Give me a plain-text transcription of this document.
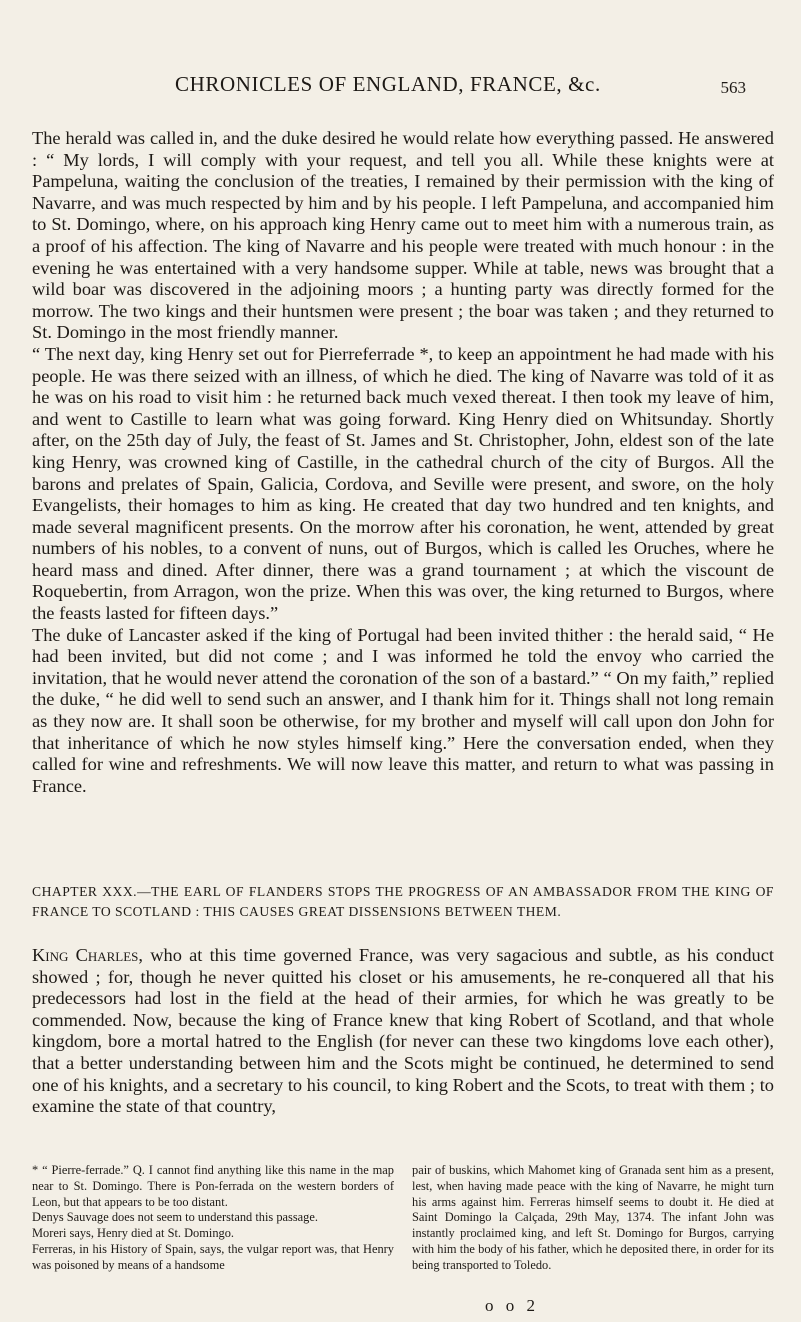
CHRONICLES OF ENGLAND, FRANCE, &c.	563

The herald was called in, and the duke desired he would relate how everything passed. He answered : “ My lords, I will comply with your request, and tell you all. While these knights were at Pampeluna, waiting the conclusion of the treaties, I remained by their permission with the king of Navarre, and was much respected by him and by his people. I left Pampeluna, and accompanied him to St. Domingo, where, on his approach king Henry came out to meet him with a numerous train, as a proof of his affection. The king of Navarre and his people were treated with much honour : in the evening he was entertained with a very handsome supper. While at table, news was brought that a wild boar was discovered in the adjoining moors ; a hunting party was directly formed for the morrow. The two kings and their huntsmen were present ; the boar was taken ; and they returned to St. Domingo in the most friendly manner.

“ The next day, king Henry set out for Pierreferrade *, to keep an appointment he had made with his people. He was there seized with an illness, of which he died. The king of Navarre was told of it as he was on his road to visit him : he returned back much vexed thereat. I then took my leave of him, and went to Castille to learn what was going forward. King Henry died on Whitsunday. Shortly after, on the 25th day of July, the feast of St. James and St. Christopher, John, eldest son of the late king Henry, was crowned king of Castille, in the cathedral church of the city of Burgos. All the barons and prelates of Spain, Galicia, Cordova, and Seville were present, and swore, on the holy Evangelists, their homages to him as king. He created that day two hundred and ten knights, and made several magnificent presents. On the morrow after his coronation, he went, attended by great numbers of his nobles, to a convent of nuns, out of Burgos, which is called les Oruches, where he heard mass and dined. After dinner, there was a grand tournament ; at which the viscount de Roquebertin, from Arragon, won the prize. When this was over, the king returned to Burgos, where the feasts lasted for fifteen days.”

The duke of Lancaster asked if the king of Portugal had been invited thither : the herald said, “ He had been invited, but did not come ; and I was informed he told the envoy who carried the invitation, that he would never attend the coronation of the son of a bastard.” “ On my faith,” replied the duke, “ he did well to send such an answer, and I thank him for it. Things shall not long remain as they now are. It shall soon be otherwise, for my brother and myself will call upon don John for that inheritance of which he now styles himself king.” Here the conversation ended, when they called for wine and refreshments. We will now leave this matter, and return to what was passing in France.

CHAPTER XXX.—THE EARL OF FLANDERS STOPS THE PROGRESS OF AN AMBASSADOR FROM THE KING OF FRANCE TO SCOTLAND : THIS CAUSES GREAT DISSENSIONS BETWEEN THEM.

King Charles, who at this time governed France, was very sagacious and subtle, as his conduct showed ; for, though he never quitted his closet or his amusements, he re-conquered all that his predecessors had lost in the field at the head of their armies, for which he was greatly to be commended. Now, because the king of France knew that king Robert of Scotland, and that whole kingdom, bore a mortal hatred to the English (for never can these two kingdoms love each other), that a better understanding between him and the Scots might be continued, he determined to send one of his knights, and a secretary to his council, to king Robert and the Scots, to treat with them ; to examine the state of that country,

* “ Pierre-ferrade.” Q. I cannot find anything like this name in the map near to St. Domingo. There is Pon-ferrada on the western borders of Leon, but that appears to be too distant.

Denys Sauvage does not seem to understand this passage.

Moreri says, Henry died at St. Domingo.

Ferreras, in his History of Spain, says, the vulgar report was, that Henry was poisoned by means of a handsome

pair of buskins, which Mahomet king of Granada sent him as a present, lest, when having made peace with the king of Navarre, he might turn his arms against him. Ferreras himself seems to doubt it. He died at Saint Domingo la Calçada, 29th May, 1374. The infant John was instantly proclaimed king, and left St. Domingo for Burgos, carrying with him the body of his father, which he deposited there, in order for its being transported to Toledo.

o o 2
